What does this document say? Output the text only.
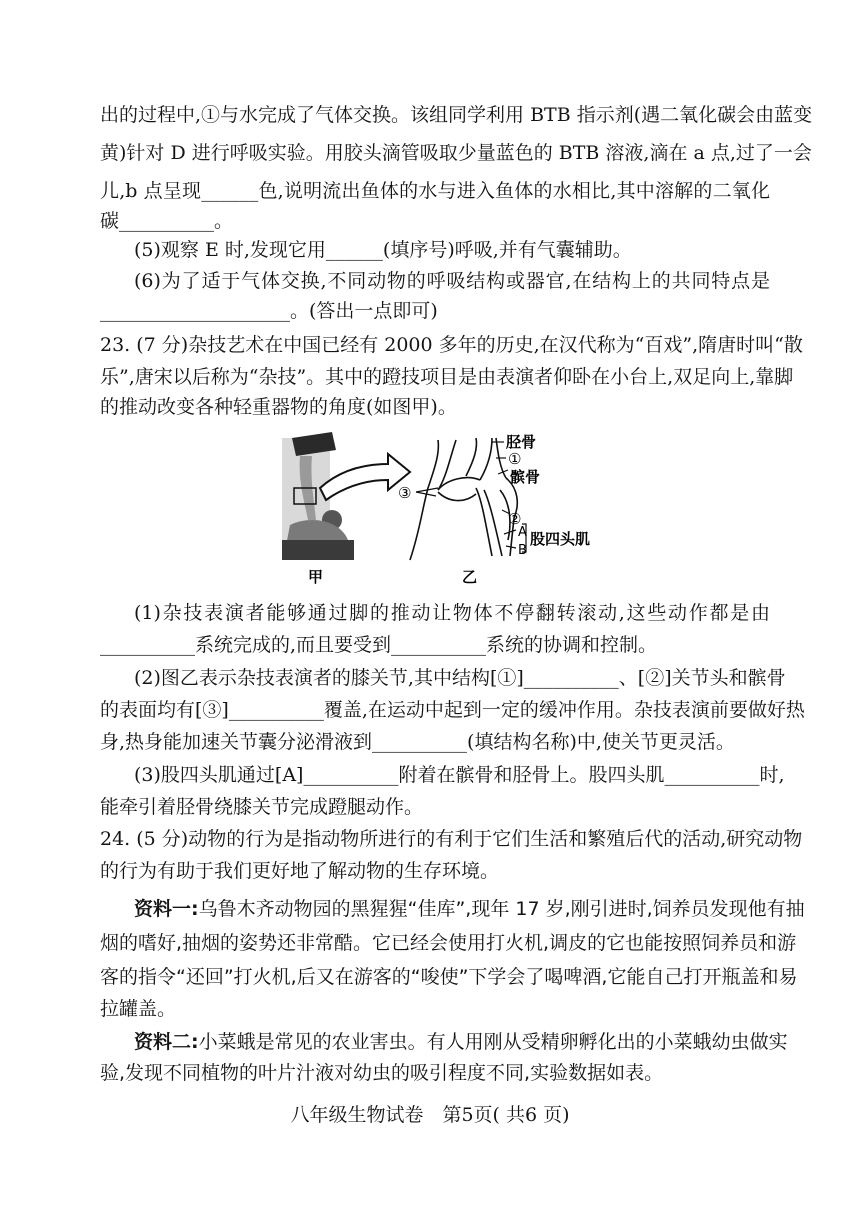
出的过程中,①与水完成了气体交换。该组同学利用 BTB 指示剂(遇二氧化碳会由蓝变
黄)针对 D 进行呼吸实验。用胶头滴管吸取少量蓝色的 BTB 溶液,滴在 a 点,过了一会
儿,b 点呈现______色,说明流出鱼体的水与进入鱼体的水相比,其中溶解的二氧化
碳__________。
(5)观察 E 时,发现它用______(填序号)呼吸,并有气囊辅助。
(6)为了适于气体交换,不同动物的呼吸结构或器官,在结构上的共同特点是
____________________。(答出一点即可)
23. (7 分)杂技艺术在中国已经有 2000 多年的历史,在汉代称为“百戏”,隋唐时叫“散
乐”,唐宋以后称为“杂技”。其中的蹬技项目是由表演者仰卧在小台上,双足向上,靠脚
的推动改变各种轻重器物的角度(如图甲)。
胫骨
①
髌骨
③
②
A
B
股四头肌
甲	乙
(1)杂技表演者能够通过脚的推动让物体不停翻转滚动,这些动作都是由
__________系统完成的,而且要受到__________系统的协调和控制。
(2)图乙表示杂技表演者的膝关节,其中结构[①]__________、[②]关节头和髌骨
的表面均有[③]__________覆盖,在运动中起到一定的缓冲作用。杂技表演前要做好热
身,热身能加速关节囊分泌滑液到__________(填结构名称)中,使关节更灵活。
(3)股四头肌通过[A]__________附着在髌骨和胫骨上。股四头肌__________时,
能牵引着胫骨绕膝关节完成蹬腿动作。
24. (5 分)动物的行为是指动物所进行的有利于它们生活和繁殖后代的活动,研究动物
的行为有助于我们更好地了解动物的生存环境。
资料一:乌鲁木齐动物园的黑猩猩“佳库”,现年 17 岁,刚引进时,饲养员发现他有抽
烟的嗜好,抽烟的姿势还非常酷。它已经会使用打火机,调皮的它也能按照饲养员和游
客的指令“还回”打火机,后又在游客的“唆使”下学会了喝啤酒,它能自己打开瓶盖和易
拉罐盖。
资料二:小菜蛾是常见的农业害虫。有人用刚从受精卵孵化出的小菜蛾幼虫做实
验,发现不同植物的叶片汁液对幼虫的吸引程度不同,实验数据如表。
八年级生物试卷　第5页( 共6 页)
